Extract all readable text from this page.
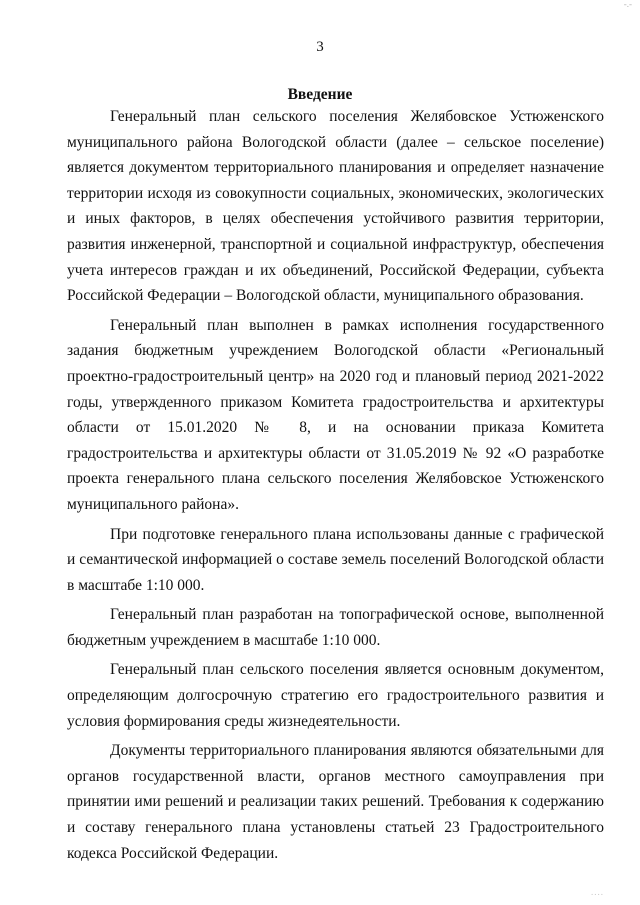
-.-
3
Введение

Генеральный план сельского поселения Желябовское Устюженского муниципального района Вологодской области (далее – сельское поселение) является документом территориального планирования и определяет назначение территории исходя из совокупности социальных, экономических, экологических и иных факторов, в целях обеспечения устойчивого развития территории, развития инженерной, транспортной и социальной инфраструктур, обеспечения учета интересов граждан и их объединений, Российской Федерации, субъекта Российской Федерации – Вологодской области, муниципального образования.

Генеральный план выполнен в рамках исполнения государственного задания бюджетным учреждением Вологодской области «Региональный проектно-градостроительный центр» на 2020 год и плановый период 2021-2022 годы, утвержденного приказом Комитета градостроительства и архитектуры области от 15.01.2020 № 8, и на основании приказа Комитета градостроительства и архитектуры области от 31.05.2019 № 92 «О разработке проекта генерального плана сельского поселения Желябовское Устюженского муниципального района».

При подготовке генерального плана использованы данные с графической и семантической информацией о составе земель поселений Вологодской области в масштабе 1:10 000.

Генеральный план разработан на топографической основе, выполненной бюджетным учреждением в масштабе 1:10 000.

Генеральный план сельского поселения является основным документом, определяющим долгосрочную стратегию его градостроительного развития и условия формирования среды жизнедеятельности.

Документы территориального планирования являются обязательными для органов государственной власти, органов местного самоуправления при принятии ими решений и реализации таких решений. Требования к содержанию и составу генерального плана установлены статьей 23 Градостроительного кодекса Российской Федерации.

....
